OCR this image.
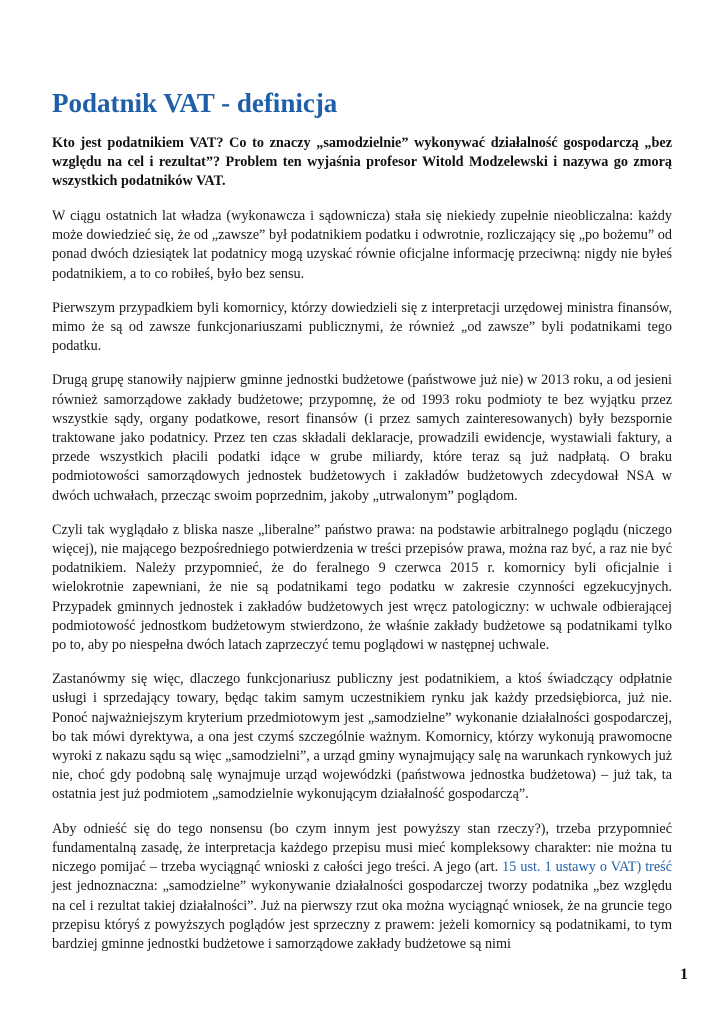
Podatnik VAT - definicja

Kto jest podatnikiem VAT? Co to znaczy „samodzielnie” wykonywać działalność gospodarczą „bez względu na cel i rezultat”? Problem ten wyjaśnia profesor Witold Modzelewski i nazywa go zmorą wszystkich podatników VAT.

W ciągu ostatnich lat władza (wykonawcza i sądownicza) stała się niekiedy zupełnie nieobliczalna: każdy może dowiedzieć się, że od „zawsze” był podatnikiem podatku i odwrotnie, rozliczający się „po bożemu” od ponad dwóch dziesiątek lat podatnicy mogą uzyskać równie oficjalne informację przeciwną: nigdy nie byłeś podatnikiem, a to co robiłeś, było bez sensu.

Pierwszym przypadkiem byli komornicy, którzy dowiedzieli się z interpretacji urzędowej ministra finansów, mimo że są od zawsze funkcjonariuszami publicznymi, że również „od zawsze” byli podatnikami tego podatku.

Drugą grupę stanowiły najpierw gminne jednostki budżetowe (państwowe już nie) w 2013 roku, a od jesieni również samorządowe zakłady budżetowe; przypomnę, że od 1993 roku podmioty te bez wyjątku przez wszystkie sądy, organy podatkowe, resort finansów (i przez samych zainteresowanych) były bezspornie traktowane jako podatnicy. Przez ten czas składali deklaracje, prowadzili ewidencje, wystawiali faktury, a przede wszystkich płacili podatki idące w grube miliardy, które teraz są już nadpłatą. O braku podmiotowości samorządowych jednostek budżetowych i zakładów budżetowych zdecydował NSA w dwóch uchwałach, przecząc swoim poprzednim, jakoby „utrwalonym” poglądom.

Czyli tak wyglądało z bliska nasze „liberalne” państwo prawa: na podstawie arbitralnego poglądu (niczego więcej), nie mającego bezpośredniego potwierdzenia w treści przepisów prawa, można raz być, a raz nie być podatnikiem. Należy przypomnieć, że do feralnego 9 czerwca 2015 r. komornicy byli oficjalnie i wielokrotnie zapewniani, że nie są podatnikami tego podatku w zakresie czynności egzekucyjnych. Przypadek gminnych jednostek i zakładów budżetowych jest wręcz patologiczny: w uchwale odbierającej podmiotowość jednostkom budżetowym stwierdzono, że właśnie zakłady budżetowe są podatnikami tylko po to, aby po niespełna dwóch latach zaprzeczyć temu poglądowi w następnej uchwale.

Zastanówmy się więc, dlaczego funkcjonariusz publiczny jest podatnikiem, a ktoś świadczący odpłatnie usługi i sprzedający towary, będąc takim samym uczestnikiem rynku jak każdy przedsiębiorca, już nie. Ponoć najważniejszym kryterium przedmiotowym jest „samodzielne” wykonanie działalności gospodarczej, bo tak mówi dyrektywa, a ona jest czymś szczególnie ważnym. Komornicy, którzy wykonują prawomocne wyroki z nakazu sądu są więc „samodzielni”, a urząd gminy wynajmujący salę na warunkach rynkowych już nie, choć gdy podobną salę wynajmuje urząd wojewódzki (państwowa jednostka budżetowa) – już tak, ta ostatnia jest już podmiotem „samodzielnie wykonującym działalność gospodarczą”.

Aby odnieść się do tego nonsensu (bo czym innym jest powyższy stan rzeczy?), trzeba przypomnieć fundamentalną zasadę, że interpretacja każdego przepisu musi mieć kompleksowy charakter: nie można tu niczego pomijać – trzeba wyciągnąć wnioski z całości jego treści. A jego (art. 15 ust. 1 ustawy o VAT) treść jest jednoznaczna: „samodzielne” wykonywanie działalności gospodarczej tworzy podatnika „bez względu na cel i rezultat takiej działalności”. Już na pierwszy rzut oka można wyciągnąć wniosek, że na gruncie tego przepisu któryś z powyższych poglądów jest sprzeczny z prawem: jeżeli komornicy są podatnikami, to tym bardziej gminne jednostki budżetowe i samorządowe zakłady budżetowe są nimi

1
